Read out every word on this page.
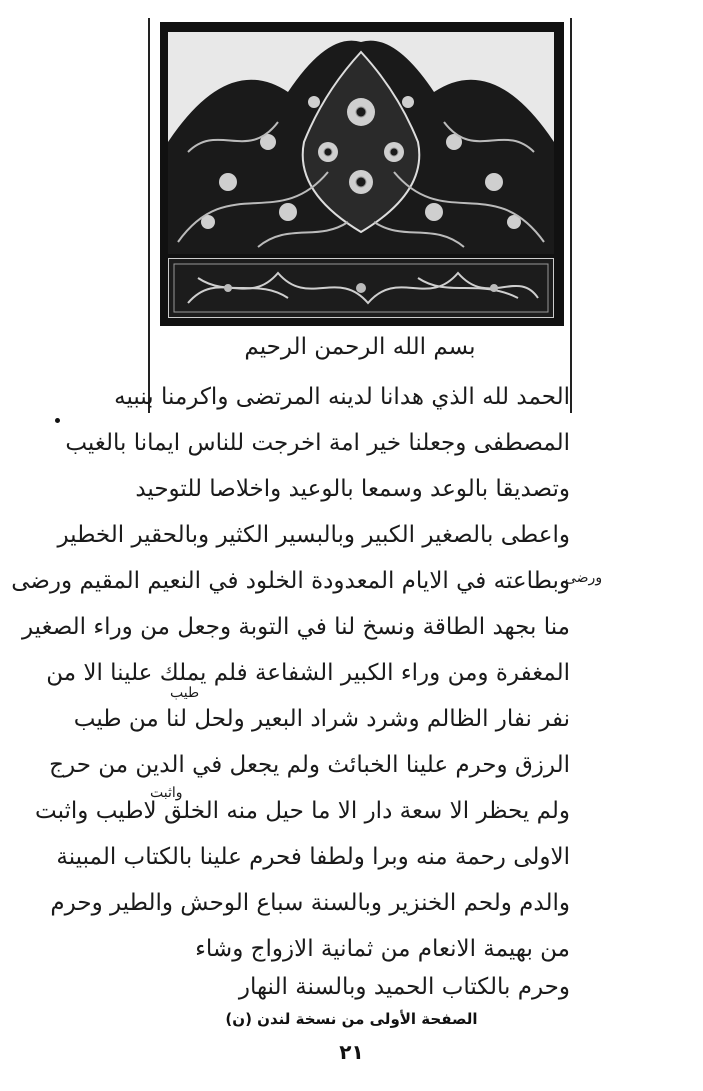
بسم الله الرحمن الرحيم
الحمد لله الذي هدانا لدينه المرتضى واكرمنا بنبيه
المصطفى وجعلنا خير امة اخرجت للناس ايمانا بالغيب
وتصديقا بالوعد وسمعا بالوعيد واخلاصا للتوحيد
واعطى بالصغير الكبير وبالبسير الكثير وبالحقير الخطير
وبطاعته في الايام المعدودة الخلود في النعيم المقيم ورضى
منا بجهد الطاقة ونسخ لنا في التوبة وجعل من وراء الصغير
المغفرة ومن وراء الكبير الشفاعة فلم يملك علينا الا من
نفر نفار الظالم وشرد شراد البعير ولحل لنا من طيب
الرزق وحرم علينا الخبائث ولم يجعل في الدين من حرج
ولم يحظر الا سعة دار الا ما حيل منه الخلق لاطيب واثبت
الاولى رحمة منه وبرا ولطفا فحرم علينا بالكتاب المبينة
والدم ولحم الخنزير وبالسنة سباع الوحش والطير وحرم
من بهيمة الانعام من ثمانية الازواج وشاء
وحرم بالكتاب الحميد وبالسنة النهار
ورضى
طيب
واثبت
الصفحة الأولى من نسخة لندن (ن)
٢١
